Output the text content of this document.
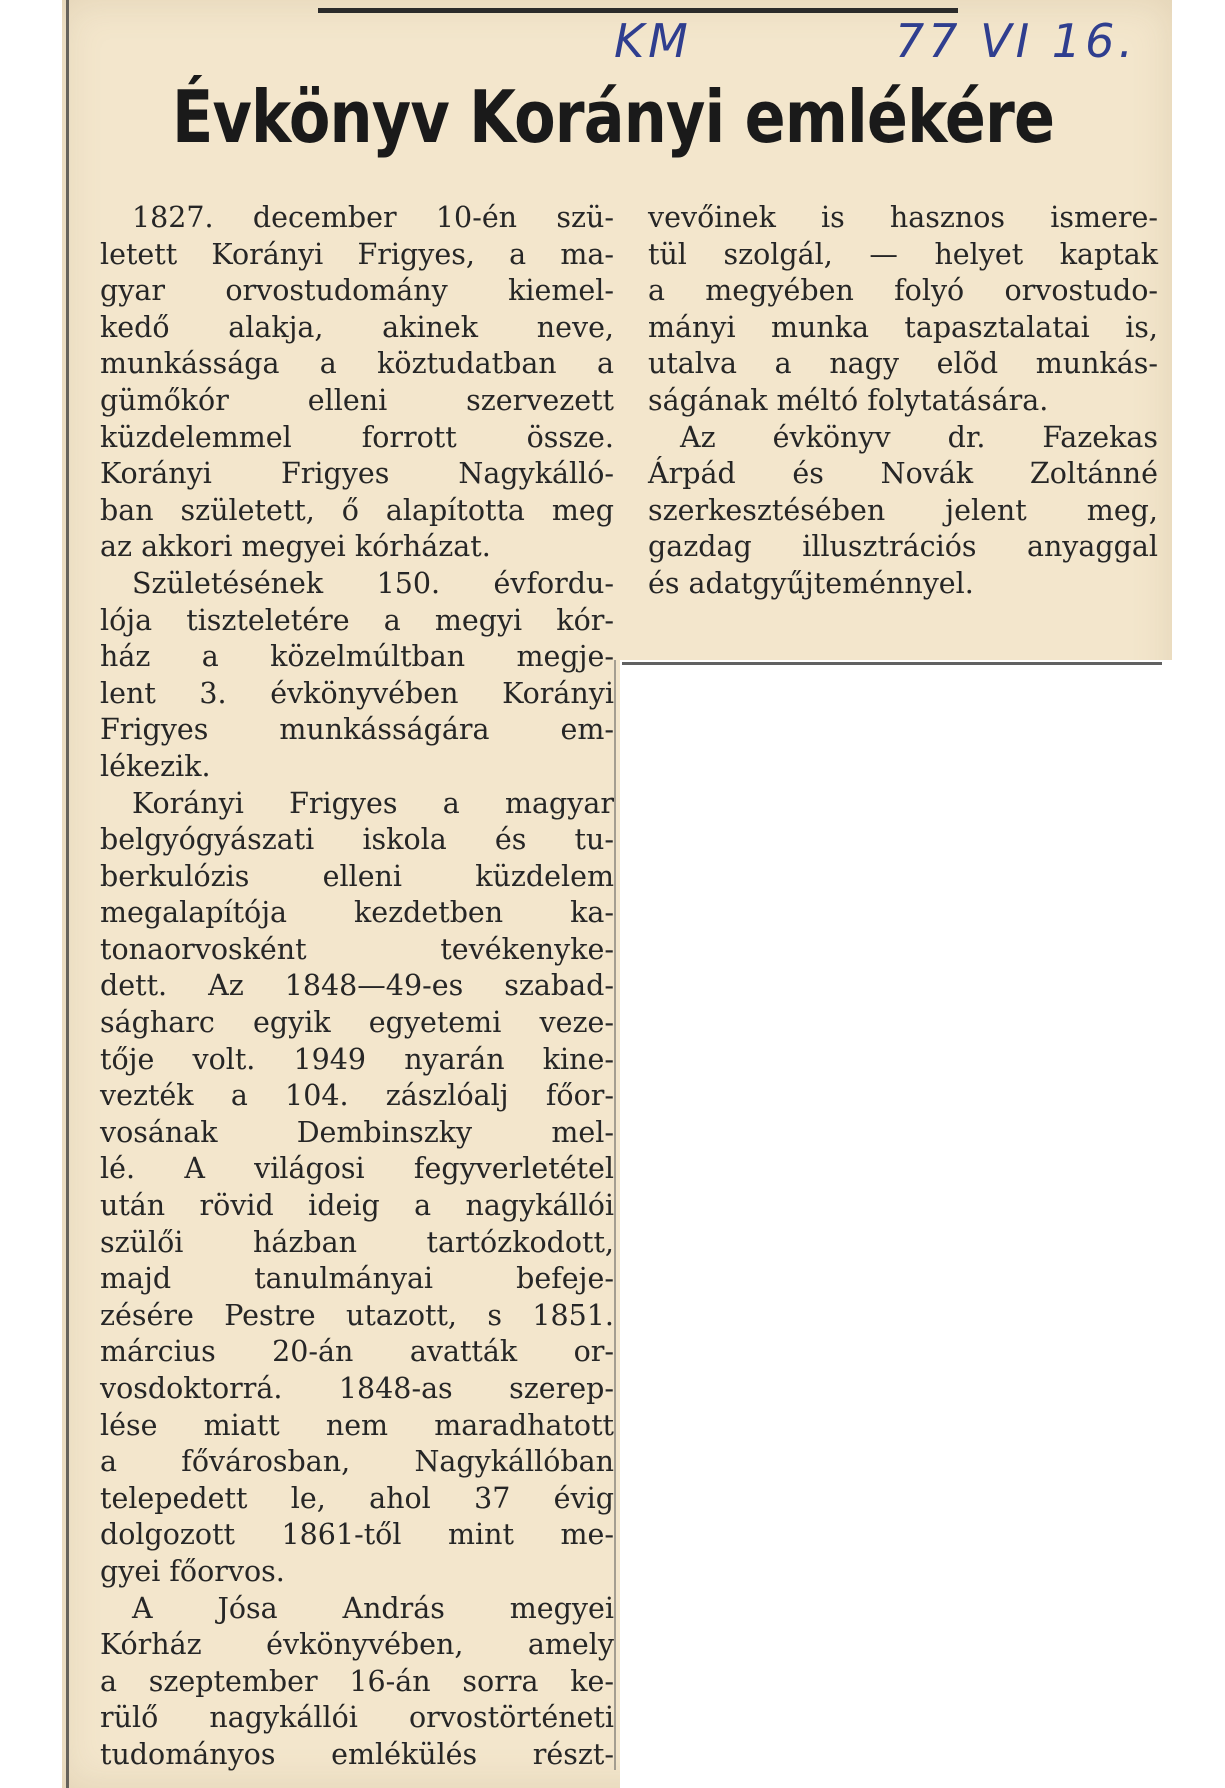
KM	77 VI 16.
Évkönyv Korányi emlékére
1827. december 10-én szü-
letett Korányi Frigyes, a ma-
gyar orvostudomány kiemel-
kedő alakja, akinek neve,
munkássága a köztudatban a
gümőkór elleni szervezett
küzdelemmel forrott össze.
Korányi Frigyes Nagykálló-
ban született, ő alapította meg
az akkori megyei kórházat.
Születésének 150. évfordu-
lója tiszteletére a megyi kór-
ház a közelmúltban megje-
lent 3. évkönyvében Korányi
Frigyes munkásságára em-
lékezik.
Korányi Frigyes a magyar
belgyógyászati iskola és tu-
berkulózis elleni küzdelem
megalapítója kezdetben ka-
tonaorvosként tevékenyke-
dett. Az 1848—49-es szabad-
ságharc egyik egyetemi veze-
tője volt. 1949 nyarán kine-
vezték a 104. zászlóalj főor-
vosának Dembinszky mel-
lé. A világosi fegyverletétel
után rövid ideig a nagykállói
szülői házban tartózkodott,
majd tanulmányai befeje-
zésére Pestre utazott, s 1851.
március 20-án avatták or-
vosdoktorrá. 1848-as szerep-
lése miatt nem maradhatott
a fővárosban, Nagykállóban
telepedett le, ahol 37 évig
dolgozott 1861-től mint me-
gyei főorvos.
A Jósa András megyei
Kórház évkönyvében, amely
a szeptember 16-án sorra ke-
rülő nagykállói orvostörténeti
tudományos emlékülés részt-
vevőinek is hasznos ismere-
tül szolgál, — helyet kaptak
a megyében folyó orvostudo-
mányi munka tapasztalatai is,
utalva a nagy elõd munkás-
ságának méltó folytatására.
Az évkönyv dr. Fazekas
Árpád és Novák Zoltánné
szerkesztésében jelent meg,
gazdag illusztrációs anyaggal
és adatgyűjteménnyel.
